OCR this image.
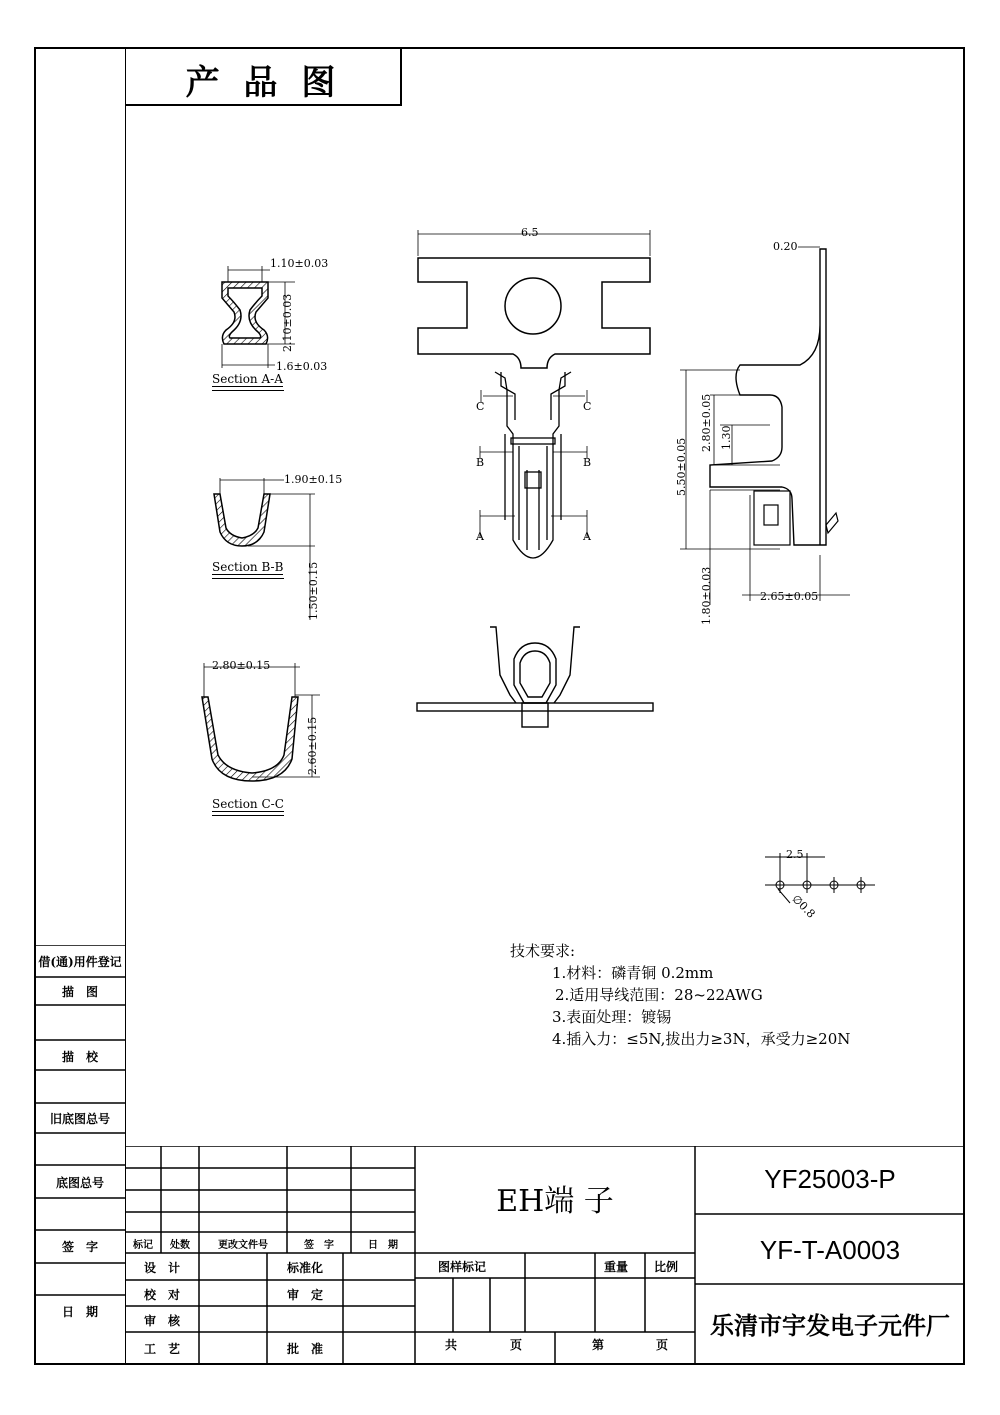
产 品 图
借(通)用件登记
描　图
描　校
旧底图总号
底图总号
签　字
日　期
1.10±0.03
2.10±0.03
1.6±0.03
Section A-A
1.90±0.15
1.50±0.15
Section B-B
2.80±0.15
2.60±0.15
Section C-C
6.5
C	C
B	B
A	A
0.20
5.50±0.05
2.80±0.05 1.30
1.80±0.03	2.65±0.05
2.5
∅0.8
技术要求:
1.材料：磷青铜 0.2mm
2.适用导线范围：28~22AWG
3.表面处理：镀锡
4.插入力：≤5N,拔出力≥3N，承受力≥20N
标记	处数	更改文件号	签　字	日　期
设　计	标准化
校　对	审　定
审　核
工　艺	批　准
EH端 子
图样标记	重量 比例
共	页	第	页
YF25003-P
YF-T-A0003
乐清市宇发电子元件厂
